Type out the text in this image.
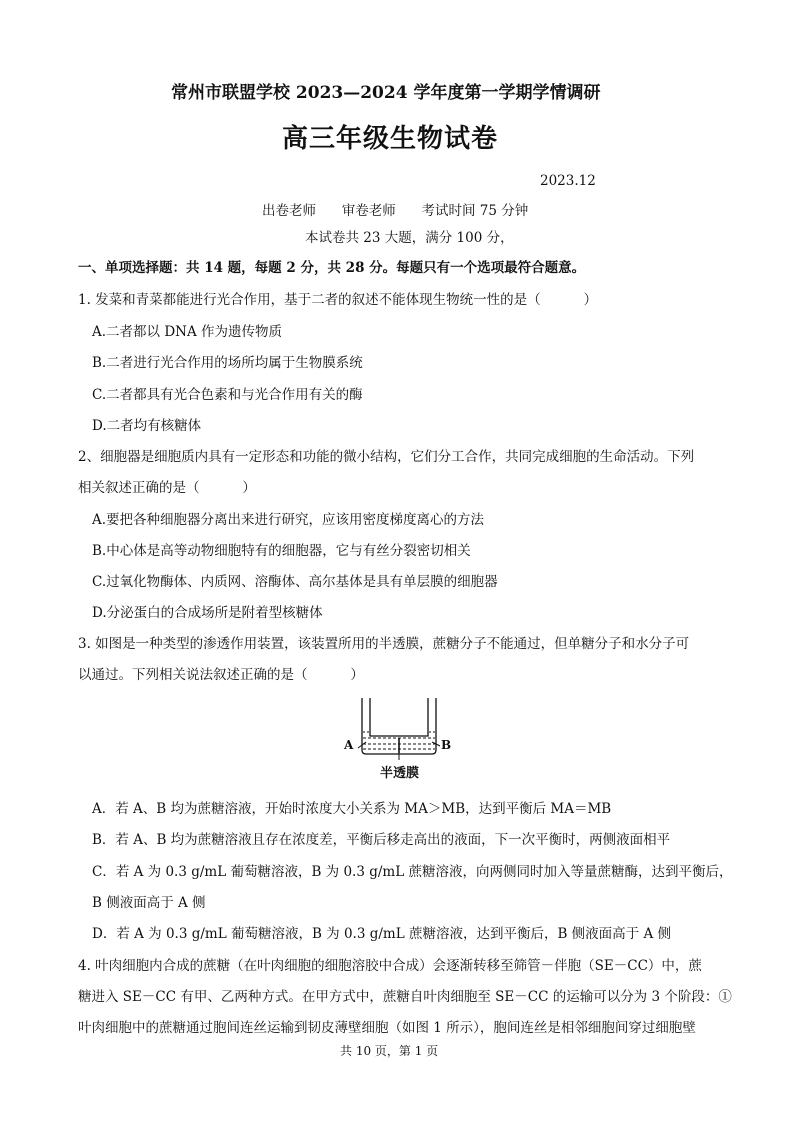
常州市联盟学校 2023—2024 学年度第一学期学情调研
高三年级生物试卷
2023.12
出卷老师      审卷老师      考试时间 75 分钟
本试卷共 23 大题，满分 100 分，
一、单项选择题：共 14 题，每题 2 分，共 28 分。每题只有一个选项最符合题意。
1. 发菜和青菜都能进行光合作用，基于二者的叙述不能体现生物统一性的是（          ）
A.二者都以 DNA 作为遗传物质
B.二者进行光合作用的场所均属于生物膜系统
C.二者都具有光合色素和与光合作用有关的酶
D.二者均有核糖体
2、细胞器是细胞质内具有一定形态和功能的微小结构，它们分工合作，共同完成细胞的生命活动。下列
相关叙述正确的是（          ）
A.要把各种细胞器分离出来进行研究，应该用密度梯度离心的方法
B.中心体是高等动物细胞特有的细胞器，它与有丝分裂密切相关
C.过氧化物酶体、内质网、溶酶体、高尔基体是具有单层膜的细胞器
D.分泌蛋白的合成场所是附着型核糖体
3. 如图是一种类型的渗透作用装置，该装置所用的半透膜，蔗糖分子不能通过，但单糖分子和水分子可
以通过。下列相关说法叙述正确的是（          ）
A	B
半透膜
A．若 A、B 均为蔗糖溶液，开始时浓度大小关系为 MA＞MB，达到平衡后 MA＝MB
B．若 A、B 均为蔗糖溶液且存在浓度差，平衡后移走高出的液面，下一次平衡时，两侧液面相平
C．若 A 为 0.3 g/mL 葡萄糖溶液，B 为 0.3 g/mL 蔗糖溶液，向两侧同时加入等量蔗糖酶，达到平衡后，
B 侧液面高于 A 侧
D．若 A 为 0.3 g/mL 葡萄糖溶液，B 为 0.3 g/mL 蔗糖溶液，达到平衡后，B 侧液面高于 A 侧
4. 叶肉细胞内合成的蔗糖（在叶肉细胞的细胞溶胶中合成）会逐渐转移至筛管－伴胞（SE－CC）中，蔗
糖进入 SE－CC 有甲、乙两种方式。在甲方式中，蔗糖自叶肉细胞至 SE－CC 的运输可以分为 3 个阶段：①
叶肉细胞中的蔗糖通过胞间连丝运输到韧皮薄壁细胞（如图 1 所示），胞间连丝是相邻细胞间穿过细胞壁
共 10 页，第 1 页
